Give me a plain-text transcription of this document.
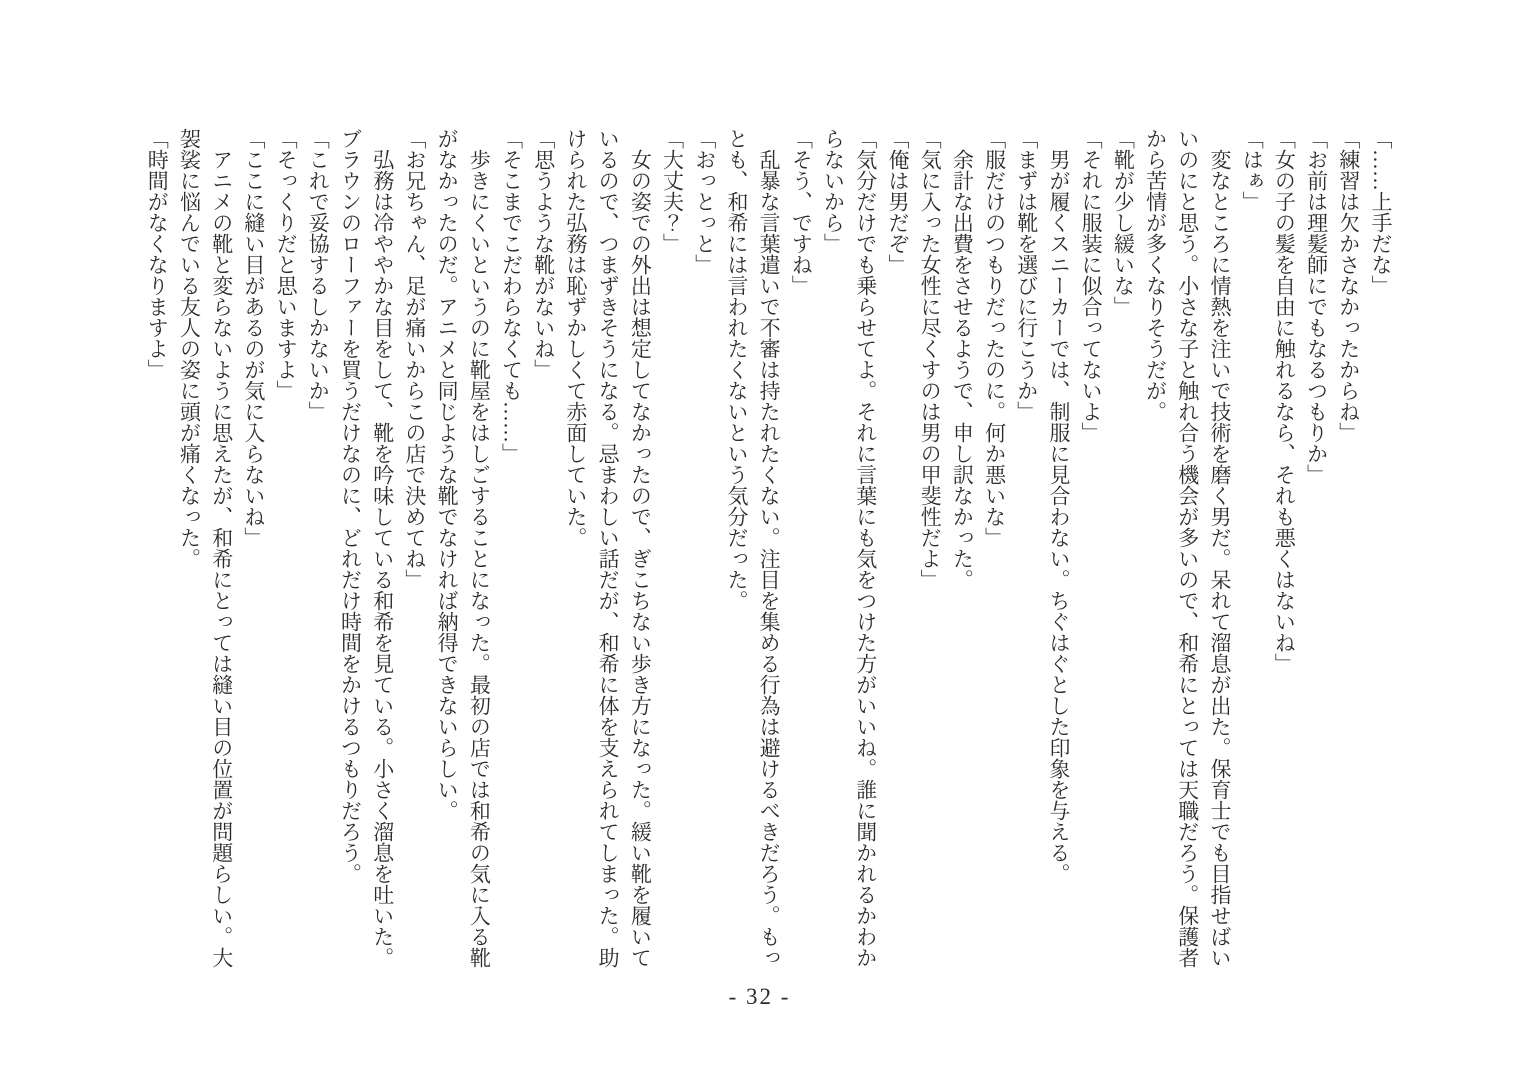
「……上手だな」

「練習は欠かさなかったからね」

「お前は理髪師にでもなるつもりか」

「女の子の髪を自由に触れるなら、それも悪くはないね」

「はぁ」

変なところに情熱を注いで技術を磨く男だ。呆れて溜息が出た。保育士でも目指せばいいのにと思う。小さな子と触れ合う機会が多いので、和希にとっては天職だろう。保護者から苦情が多くなりそうだが。

「靴が少し緩いな」

「それに服装に似合ってないよ」

男が履くスニーカーでは、制服に見合わない。ちぐはぐとした印象を与える。

「まずは靴を選びに行こうか」

「服だけのつもりだったのに。何か悪いな」

余計な出費をさせるようで、申し訳なかった。

「気に入った女性に尽くすのは男の甲斐性だよ」

「俺は男だぞ」

「気分だけでも乗らせてよ。それに言葉にも気をつけた方がいいね。誰に聞かれるかわからないから」

「そう、ですね」

乱暴な言葉遣いで不審は持たれたくない。注目を集める行為は避けるべきだろう。もっとも、和希には言われたくないという気分だった。

「おっとっと」

「大丈夫？」

女の姿での外出は想定してなかったので、ぎこちない歩き方になった。緩い靴を履いているので、つまずきそうになる。忌まわしい話だが、和希に体を支えられてしまった。助けられた弘務は恥ずかしくて赤面していた。

「思うような靴がないね」

「そこまでこだわらなくても……」

歩きにくいというのに靴屋をはしごすることになった。最初の店では和希の気に入る靴がなかったのだ。アニメと同じような靴でなければ納得できないらしい。

「お兄ちゃん、足が痛いからこの店で決めてね」

弘務は冷ややかな目をして、靴を吟味している和希を見ている。小さく溜息を吐いた。ブラウンのローファーを買うだけなのに、どれだけ時間をかけるつもりだろう。

「これで妥協するしかないか」

「そっくりだと思いますよ」

「ここに縫い目があるのが気に入らないね」

アニメの靴と変らないように思えたが、和希にとっては縫い目の位置が問題らしい。大袈裟に悩んでいる友人の姿に頭が痛くなった。

「時間がなくなりますよ」

- 32 -
